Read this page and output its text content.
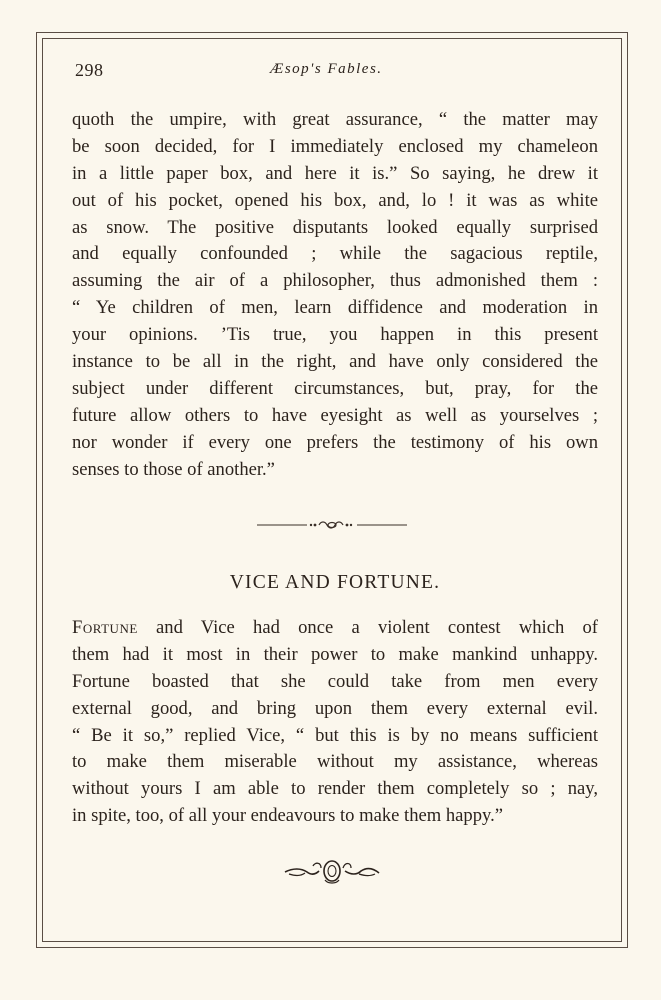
298	Æsop's Fables.
quoth the umpire, with great assurance, “ the matter may
be soon decided, for I immediately enclosed my chameleon
in a little paper box, and here it is.” So saying, he drew it
out of his pocket, opened his box, and, lo ! it was as white
as snow. The positive disputants looked equally surprised
and equally confounded ; while the sagacious reptile,
assuming the air of a philosopher, thus admonished them :
“ Ye children of men, learn diffidence and moderation in
your opinions. ’Tis true, you happen in this present
instance to be all in the right, and have only considered the
subject under different circumstances, but, pray, for the
future allow others to have eyesight as well as yourselves ;
nor wonder if every one prefers the testimony of his own
senses to those of another.”
VICE AND FORTUNE.
Fortune and Vice had once a violent contest which of
them had it most in their power to make mankind unhappy.
Fortune boasted that she could take from men every
external good, and bring upon them every external evil.
“ Be it so,” replied Vice, “ but this is by no means sufficient
to make them miserable without my assistance, whereas
without yours I am able to render them completely so ; nay,
in spite, too, of all your endeavours to make them happy.”
